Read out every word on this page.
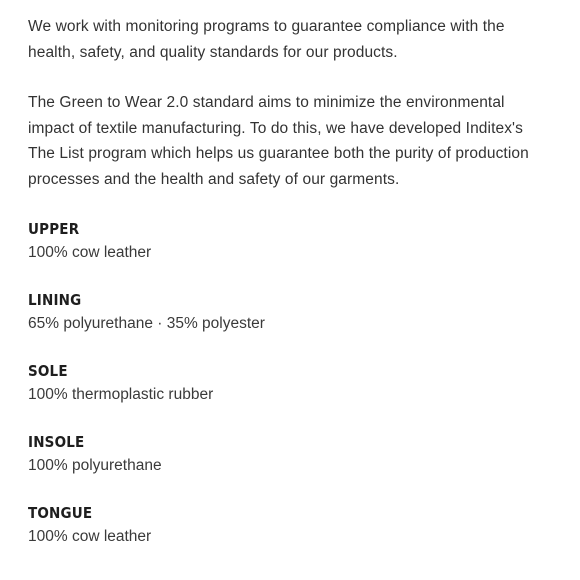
We work with monitoring programs to guarantee compliance with the health, safety, and quality standards for our products.

The Green to Wear 2.0 standard aims to minimize the environmental impact of textile manufacturing. To do this, we have developed Inditex's The List program which helps us guarantee both the purity of production processes and the health and safety of our garments.

UPPER
100% cow leather
LINING
65% polyurethane · 35% polyester
SOLE
100% thermoplastic rubber
INSOLE
100% polyurethane
TONGUE
100% cow leather
